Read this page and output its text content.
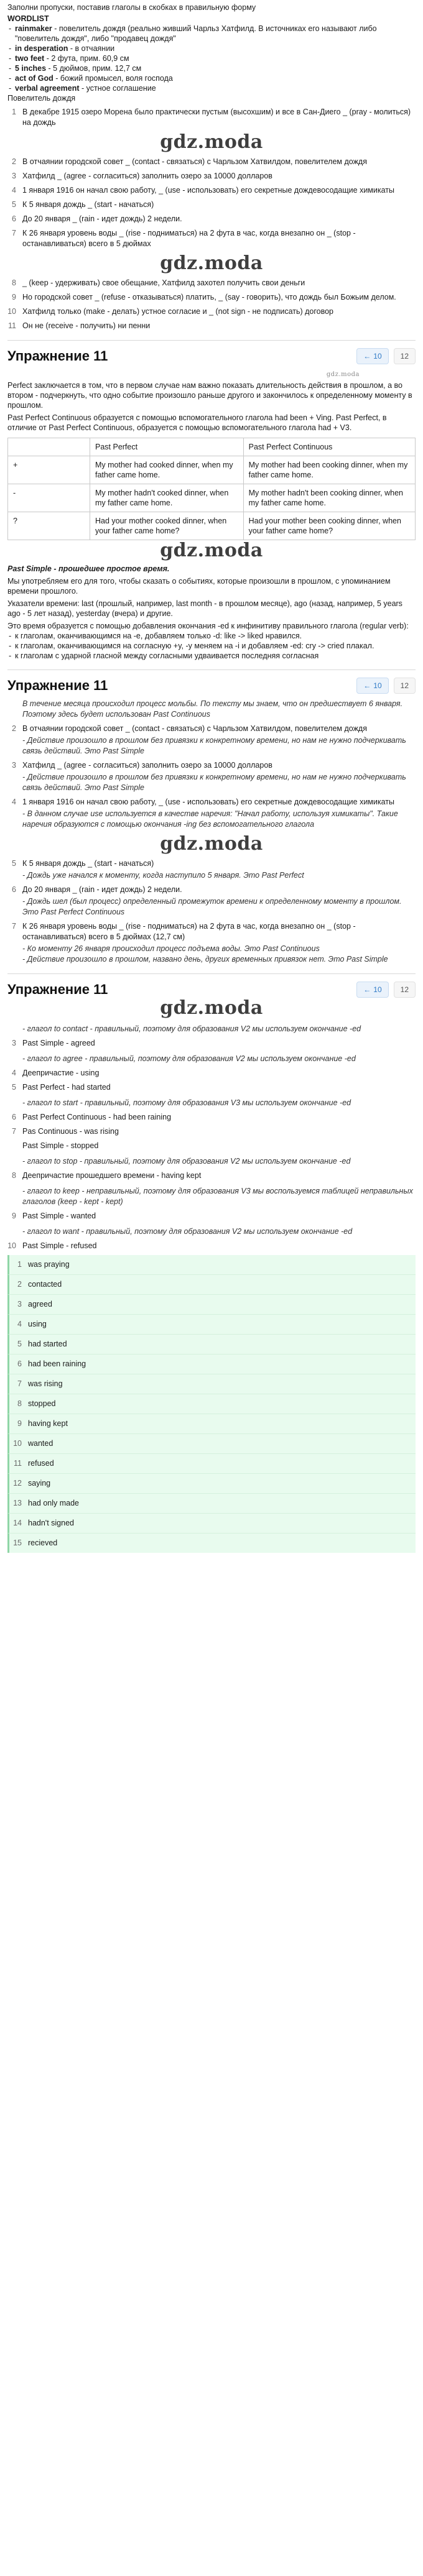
Заполни пропуски, поставив глаголы в скобках в правильную форму
WORDLIST
- rainmaker - повелитель дождя (реально живший Чарльз Хатфилд. В источниках его называют либо "повелитель дождя", либо "продавец дождя"
- in desperation - в отчаянии
- two feet - 2 фута, прим. 60,9 см
- 5 inches - 5 дюймов, прим. 12,7 см
- act of God - божий промысел, воля господа
- verbal agreement - устное соглашение
Повелитель дождя
1 В декабре 1915 озеро Морена было практически пустым (высохшим) и все в Сан-Диего _ (pray - молиться) на дождь
gdz.moda
2 В отчаянии городской совет _ (contact - связаться) с Чарльзом Хатвилдом, повелителем дождя
3 Хатфилд _ (agree - согласиться) заполнить озеро за 10000 долларов
4 1 января 1916 он начал свою работу, _ (use - использовать) его секретные дождевосодащие химикаты
5 К 5 января дождь _ (start - начаться)
6 До 20 января _ (rain - идет дождь) 2 недели.
7 К 26 января уровень воды _ (rise - подниматься) на 2 фута в час, когда внезапно он _ (stop - останавливаться) всего в 5 дюймах
gdz.moda
8 _ (keep - удерживать) свое обещание, Хатфилд захотел получить свои деньги
9 Но городской совет _ (refuse - отказываться) платить, _ (say - говорить), что дождь был Божьим делом.
10 Хатфилд только (make - делать) устное согласие и _ (not sign - не подписать) договор
11 Он не (receive - получить) ни пенни
Упражнение 11	← 10	12
gdz.moda
Perfect заключается в том, что в первом случае нам важно показать длительность действия в прошлом, а во втором - подчеркнуть, что одно событие произошло раньше другого и закончилось к определенному моменту в прошлом.
Past Perfect Continuous образуется с помощью вспомогательного глагола had been + Ving. Past Perfect, в отличие от Past Perfect Continuous, образуется с помощью вспомогательного глагола had + V3.
	Past Perfect	Past Perfect Continuous
+	My mother had cooked dinner, when my father came home.	My mother had been cooking dinner, when my father came home.
-	My mother hadn't cooked dinner, when my father came home.	My mother hadn't been cooking dinner, when my father came home.
?	Had your mother cooked dinner, when your father came home?	Had your mother been cooking dinner, when your father came home?
gdz.moda
Past Simple - прошедшее простое время.
Мы употребляем его для того, чтобы сказать о событиях, которые произошли в прошлом, с упоминанием времени прошлого.
Указатели времени: last (прошлый, например, last month - в прошлом месяце), ago (назад, например, 5 years ago - 5 лет назад), yesterday (вчера) и другие.
Это время образуется с помощью добавления окончания -ed к инфинитиву правильного глагола (regular verb):
- к глаголам, оканчивающимся на -e, добавляем только -d: like -> liked нравился.
- к глаголам, оканчивающимся на согласную +y, -y меняем на -i и добавляем -ed: cry -> cried плакал.
- к глаголам с ударной гласной между согласными удваивается последняя согласная
Упражнение 11	← 10	12
В течение месяца происходил процесс мольбы. По тексту мы знаем, что он предшествует 6 января. Поэтому здесь будет использован Past Continuous
2 В отчаянии городской совет _ (contact - связаться) с Чарльзом Хатвилдом, повелителем дождя
- Действие произошло в прошлом без привязки к конкретному времени, но нам не нужно подчеркивать связь действий. Это Past Simple
3 Хатфилд _ (agree - согласиться) заполнить озеро за 10000 долларов
- Действие произошло в прошлом без привязки к конкретному времени, но нам не нужно подчеркивать связь действий. Это Past Simple
4 1 января 1916 он начал свою работу, _ (use - использовать) его секретные дождевосодащие химикаты
- В данном случае use используется в качестве наречия: "Начал работу, используя химикаты". Такие наречия образуются с помощью окончания -ing без вспомогательного глагола
gdz.moda
5 К 5 января дождь _ (start - начаться)
- Дождь уже начался к моменту, когда наступило 5 января. Это Past Perfect
6 До 20 января _ (rain - идет дождь) 2 недели.
- Дождь шел (был процесс) определенный промежуток времени к определенному моменту в прошлом. Это Past Perfect Continuous
7 К 26 января уровень воды _ (rise - подниматься) на 2 фута в час, когда внезапно он _ (stop - останавливаться) всего в 5 дюймах (12,7 см)
- Ко моменту 26 января происходил процесс подъема воды. Это Past Continuous
- Действие произошло в прошлом, названо день, других временных привязок нет. Это Past Simple
Упражнение 11	← 10	12
gdz.moda
- глагол to contact - правильный, поэтому для образования V2 мы используем окончание -ed
3 Past Simple - agreed
- глагол to agree - правильный, поэтому для образования V2 мы используем окончание -ed
4 Деепричастие - using
5 Past Perfect - had started
- глагол to start - правильный, поэтому для образования V3 мы используем окончание -ed
6 Past Perfect Continuous - had been raining
7 Pas Continuous - was rising
Past Simple - stopped
- глагол to stop - правильный, поэтому для образования V2 мы используем окончание -ed
8 Деепричастие прошедшего времени - having kept
- глагол to keep - неправильный, поэтому для образования V3 мы воспользуемся таблицей неправильных глаголов (keep - kept - kept)
9 Past Simple - wanted
- глагол to want - правильный, поэтому для образования V2 мы используем окончание -ed
10 Past Simple - refused
1 was praying
2 contacted
3 agreed
4 using
5 had started
6 had been raining
7 was rising
8 stopped
9 having kept
10 wanted
11 refused
12 saying
13 had only made
14 hadn't signed
15 recieved
